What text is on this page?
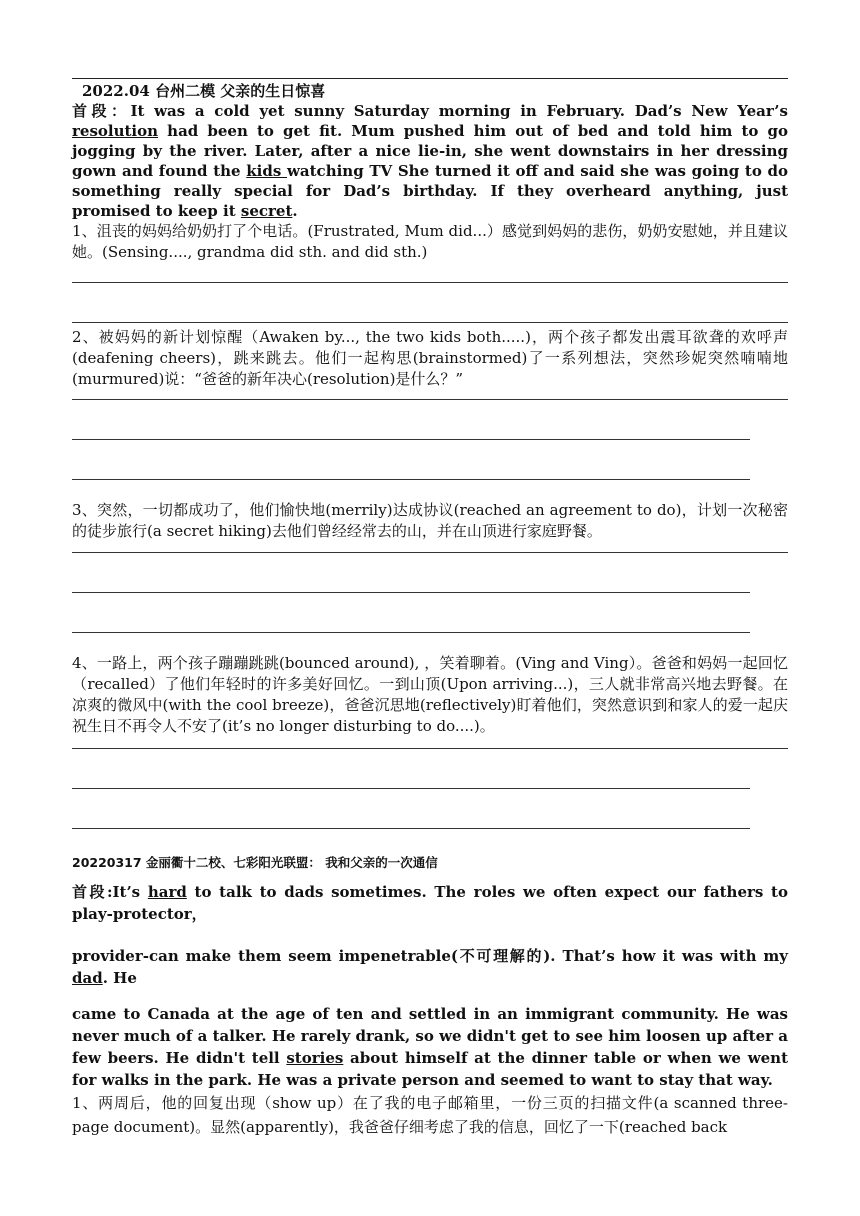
2022.04 台州二模 父亲的生日惊喜

首段：It was a cold yet sunny Saturday morning in February. Dad’s New Year’s resolution had been to get fit. Mum pushed him out of bed and told him to go jogging by the river. Later, after a nice lie-in, she went downstairs in her dressing gown and found the kids watching TV She turned it off and said she was going to do something really special for Dad’s birthday. If they overheard anything, just promised to keep it secret.

1、沮丧的妈妈给奶奶打了个电话。(Frustrated, Mum did...）感觉到妈妈的悲伤，奶奶安慰她，并且建议她。(Sensing...., grandma did sth. and did sth.)

2、被妈妈的新计划惊醒（Awaken by..., the two kids both.....)，两个孩子都发出震耳欲聋的欢呼声(deafening cheers)，跳来跳去。他们一起构思(brainstormed)了一系列想法，突然珍妮突然喃喃地(murmured)说：“爸爸的新年决心(resolution)是什么？”

3、突然，一切都成功了，他们愉快地(merrily)达成协议(reached an agreement to do)，计划一次秘密的徒步旅行(a secret hiking)去他们曾经经常去的山，并在山顶进行家庭野餐。

4、一路上，两个孩子蹦蹦跳跳(bounced around), ，笑着聊着。(Ving and Ving）。爸爸和妈妈一起回忆（recalled）了他们年轻时的许多美好回忆。一到山顶(Upon arriving...)，三人就非常高兴地去野餐。在凉爽的微风中(with the cool breeze)，爸爸沉思地(reflectively)盯着他们，突然意识到和家人的爱一起庆祝生日不再令人不安了(it’s no longer disturbing to do....)。

20220317 金丽衢十二校、七彩阳光联盟： 我和父亲的一次通信

首段:It’s hard to talk to dads sometimes. The roles we often expect our fathers to play-protector，

provider-can make them seem impenetrable(不可理解的). That’s how it was with my dad. He

came to Canada at the age of ten and settled in an immigrant community. He was never much of a talker. He rarely drank, so we didn't get to see him loosen up after a few beers. He didn't tell stories about himself at the dinner table or when we went for walks in the park. He was a private person and seemed to want to stay that way.

1、两周后，他的回复出现（show up）在了我的电子邮箱里，一份三页的扫描文件(a scanned three-page document)。显然(apparently)，我爸爸仔细考虑了我的信息，回忆了一下(reached back
